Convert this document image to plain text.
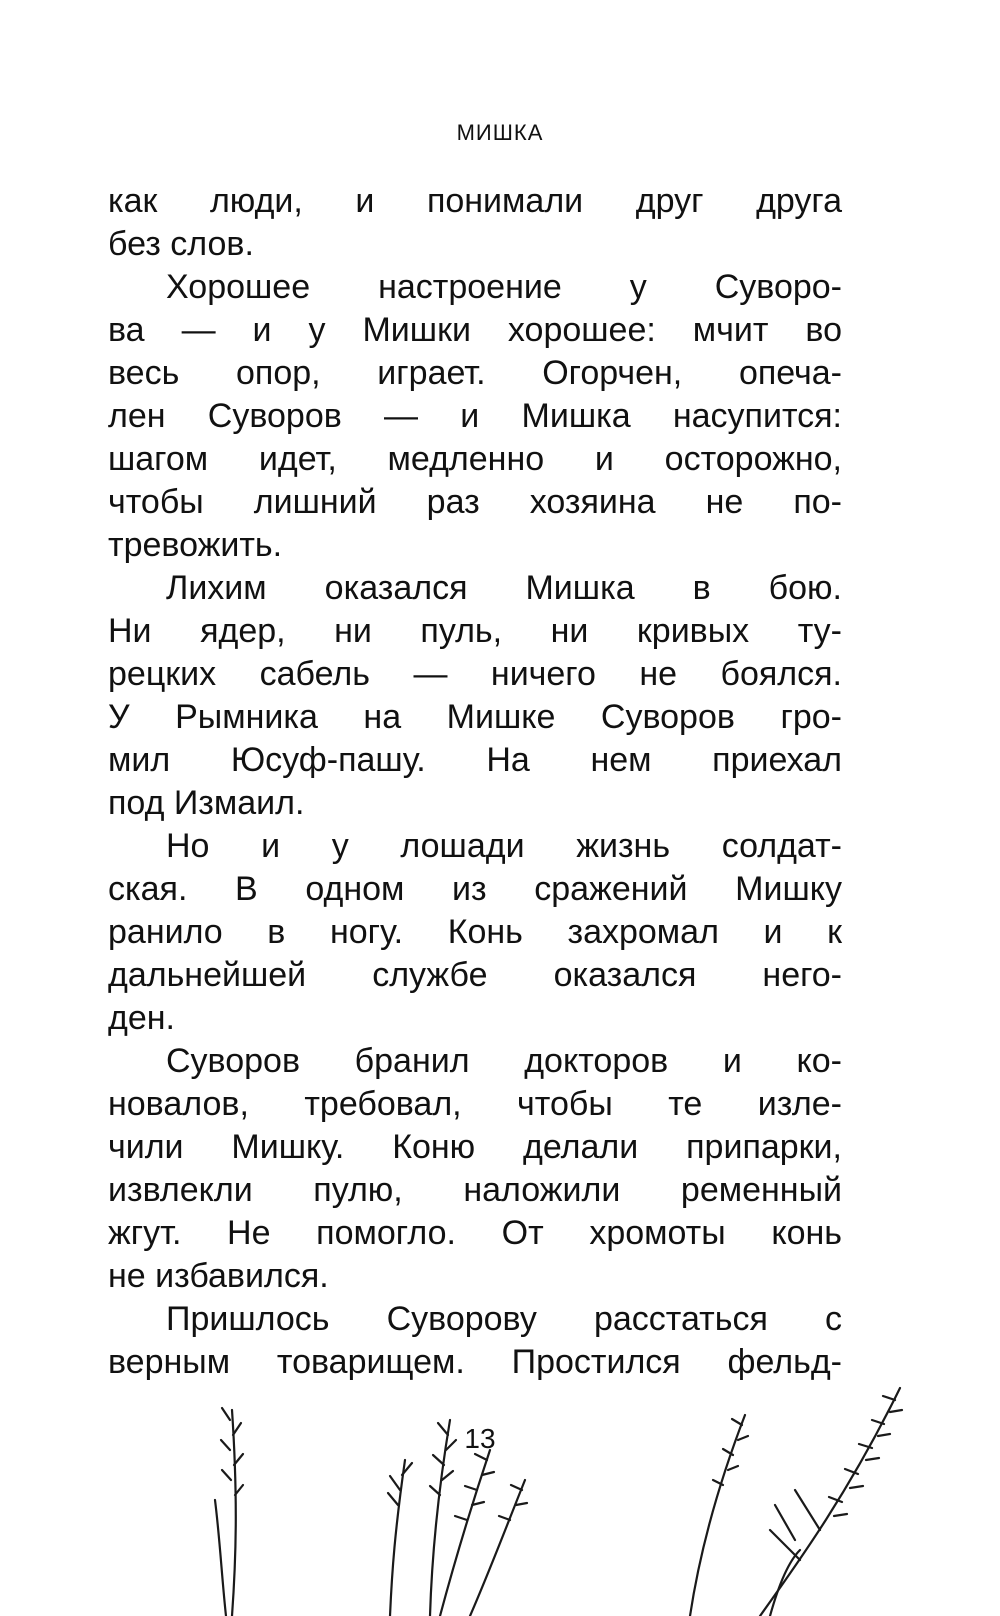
МИШКА
как люди, и понимали друг друга
без слов.
Хорошее настроение у Суворо-
ва — и у Мишки хорошее: мчит во
весь опор, играет. Огорчен, опеча-
лен Суворов — и Мишка насупится:
шагом идет, медленно и осторожно,
чтобы лишний раз хозяина не по-
тревожить.
Лихим оказался Мишка в бою.
Ни ядер, ни пуль, ни кривых ту-
рецких сабель — ничего не боялся.
У Рымника на Мишке Суворов гро-
мил Юсуф-пашу. На нем приехал
под Измаил.
Но и у лошади жизнь солдат-
ская. В одном из сражений Мишку
ранило в ногу. Конь захромал и к
дальнейшей службе оказался него-
ден.
Суворов бранил докторов и ко-
новалов, требовал, чтобы те изле-
чили Мишку. Коню делали припарки,
извлекли пулю, наложили ременный
жгут. Не помогло. От хромоты конь
не избавился.
Пришлось Суворову расстаться с
верным товарищем. Простился фельд-
13
